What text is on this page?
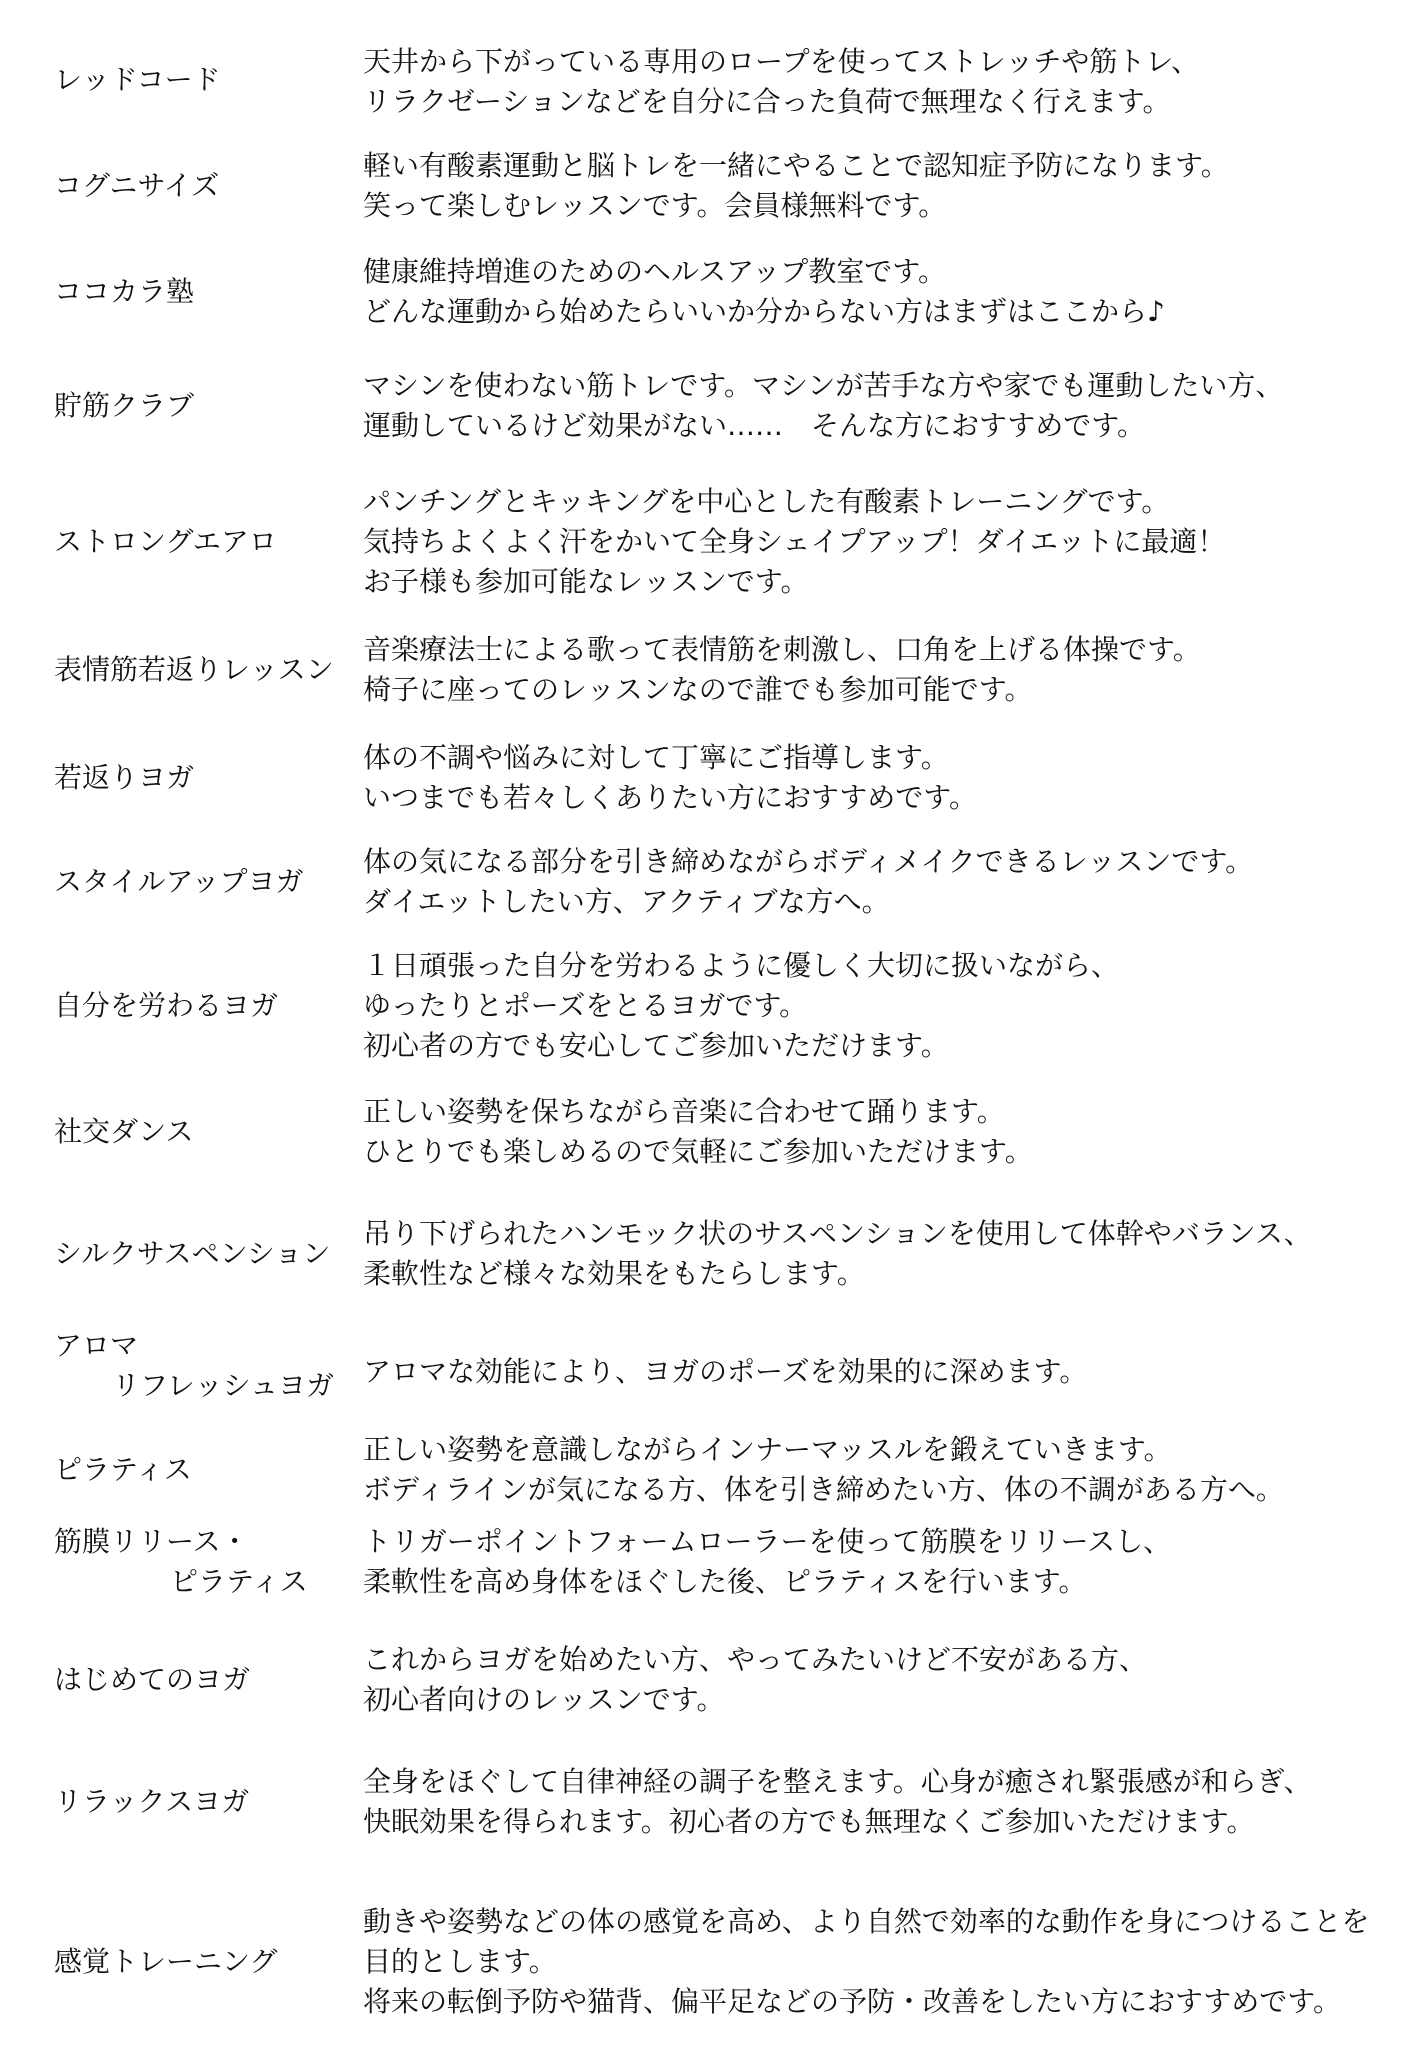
レッドコード
天井から下がっている専用のロープを使ってストレッチや筋トレ、
リラクゼーションなどを自分に合った負荷で無理なく行えます。
コグニサイズ
軽い有酸素運動と脳トレを一緒にやることで認知症予防になります。
笑って楽しむレッスンです。会員様無料です。
ココカラ塾
健康維持増進のためのヘルスアップ教室です。
どんな運動から始めたらいいか分からない方はまずはここから♪
貯筋クラブ
マシンを使わない筋トレです。マシンが苦手な方や家でも運動したい方、
運動しているけど効果がない……　そんな方におすすめです。
ストロングエアロ
パンチングとキッキングを中心とした有酸素トレーニングです。
気持ちよくよく汗をかいて全身シェイプアップ！ダイエットに最適！
お子様も参加可能なレッスンです。
表情筋若返りレッスン
音楽療法士による歌って表情筋を刺激し、口角を上げる体操です。
椅子に座ってのレッスンなので誰でも参加可能です。
若返りヨガ
体の不調や悩みに対して丁寧にご指導します。
いつまでも若々しくありたい方におすすめです。
スタイルアップヨガ
体の気になる部分を引き締めながらボディメイクできるレッスンです。
ダイエットしたい方、アクティブな方へ。
自分を労わるヨガ
１日頑張った自分を労わるように優しく大切に扱いながら、
ゆったりとポーズをとるヨガです。
初心者の方でも安心してご参加いただけます。
社交ダンス
正しい姿勢を保ちながら音楽に合わせて踊ります。
ひとりでも楽しめるので気軽にご参加いただけます。
シルクサスペンション
吊り下げられたハンモック状のサスペンションを使用して体幹やバランス、
柔軟性など様々な効果をもたらします。
アロマ
リフレッシュヨガ	アロマな効能により、ヨガのポーズを効果的に深めます。
ピラティス
正しい姿勢を意識しながらインナーマッスルを鍛えていきます。
ボディラインが気になる方、体を引き締めたい方、体の不調がある方へ。
筋膜リリース・
ピラティス
トリガーポイントフォームローラーを使って筋膜をリリースし、
柔軟性を高め身体をほぐした後、ピラティスを行います。
はじめてのヨガ
これからヨガを始めたい方、やってみたいけど不安がある方、
初心者向けのレッスンです。
リラックスヨガ
全身をほぐして自律神経の調子を整えます。心身が癒され緊張感が和らぎ、
快眠効果を得られます。初心者の方でも無理なくご参加いただけます。
感覚トレーニング
動きや姿勢などの体の感覚を高め、より自然で効率的な動作を身につけることを
目的とします。
将来の転倒予防や猫背、偏平足などの予防・改善をしたい方におすすめです。
